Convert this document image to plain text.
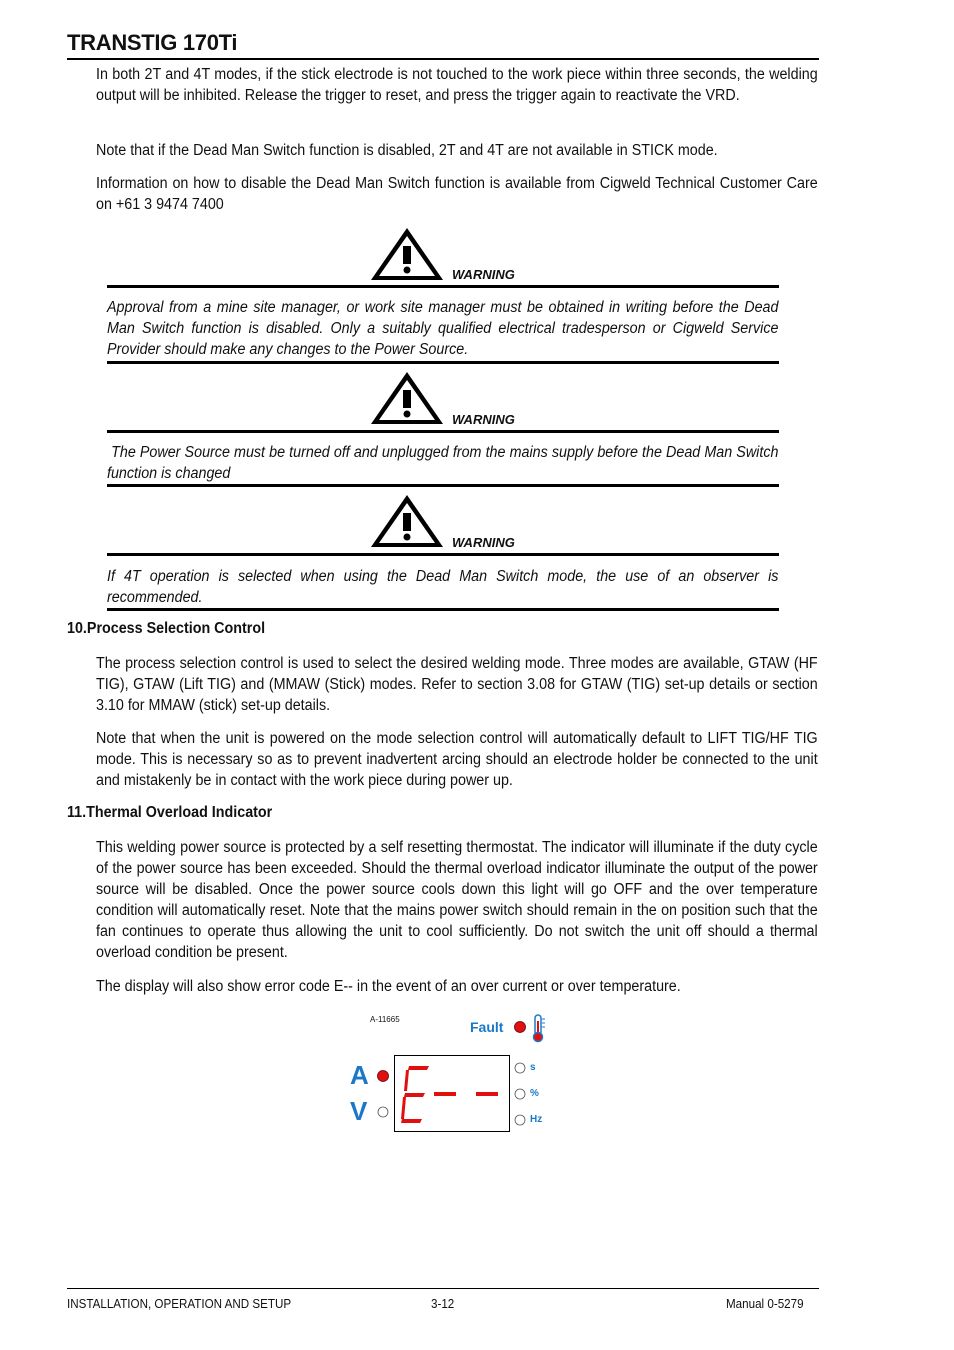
TRANSTIG 170Ti
In both 2T and 4T modes, if the stick electrode is not touched to the work piece within three seconds, the welding output will be inhibited. Release the trigger to reset, and press the trigger again to reactivate the VRD.
Note that if the Dead Man Switch function is disabled, 2T and 4T are not available in STICK mode.
Information on how to disable the Dead Man Switch function is available from Cigweld Technical Customer Care on +61 3 9474 7400
WARNING
Approval from a mine site manager, or work site manager must be obtained in writing before the Dead Man Switch function is disabled. Only a suitably qualified electrical tradesperson or Cigweld Service Provider should make any changes to the Power Source.
WARNING
The Power Source must be turned off and unplugged from the mains supply before the Dead Man Switch function is changed
WARNING
If 4T operation is selected when using the Dead Man Switch mode, the use of an observer is recommended.
10.Process Selection Control
The process selection control is used to select the desired welding mode. Three modes are available, GTAW (HF TIG), GTAW (Lift TIG) and (MMAW (Stick) modes. Refer to section 3.08 for GTAW (TIG) set-up details or section 3.10 for MMAW (stick) set-up details.
Note that when the unit is powered on the mode selection control will automatically default to LIFT TIG/HF TIG mode. This is necessary so as to prevent inadvertent arcing should an electrode holder be connected to the unit and mistakenly be in contact with the work piece during power up.
11.Thermal Overload Indicator
This welding power source is protected by a self resetting thermostat. The indicator will illuminate if the duty cycle of the power source has been exceeded. Should the thermal overload indicator illuminate the output of the power source will be disabled. Once the power source cools down this light will go OFF and the over temperature condition will automatically reset. Note that the mains power switch should remain in the on position such that the fan continues to operate thus allowing the unit to cool sufficiently. Do not switch the unit off should a thermal overload condition be present.
The display will also show error code E-- in the event of an over current or over temperature.
A-11665	Fault
A
V
s
%
Hz
INSTALLATION, OPERATION AND SETUP	3-12	Manual 0-5279
